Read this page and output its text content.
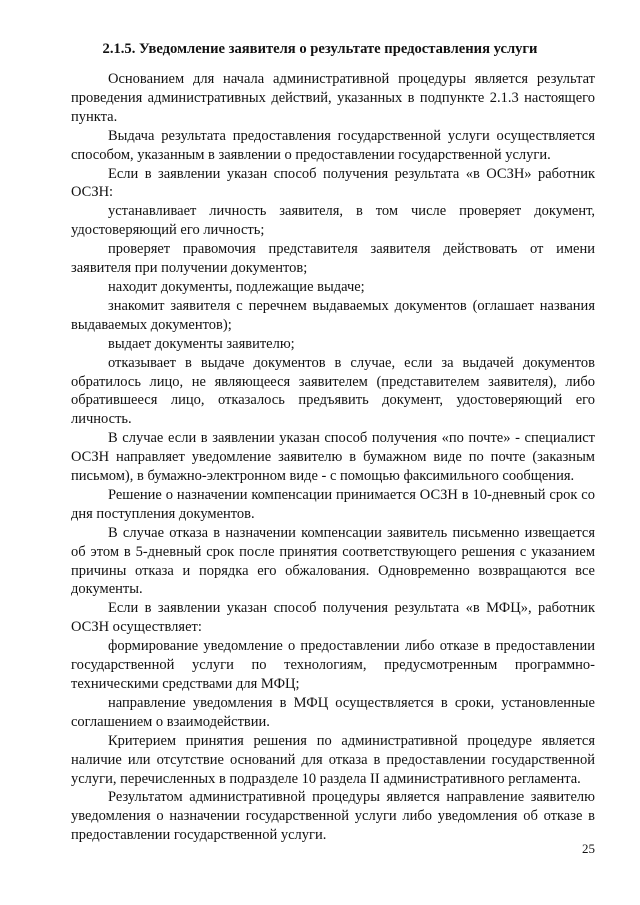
2.1.5. Уведомление заявителя о результате предоставления услуги

Основанием для начала административной процедуры является результат проведения административных действий, указанных в подпункте 2.1.3 настоящего пункта.

Выдача результата предоставления государственной услуги осуществляется способом, указанным в заявлении о предоставлении государственной услуги.

Если в заявлении указан способ получения результата «в ОСЗН» работник ОСЗН:

устанавливает личность заявителя, в том числе проверяет документ, удостоверяющий его личность;

проверяет правомочия представителя заявителя действовать от имени заявителя при получении документов;

находит документы, подлежащие выдаче;

знакомит заявителя с перечнем выдаваемых документов (оглашает названия выдаваемых документов);

выдает документы заявителю;

отказывает в выдаче документов в случае, если за выдачей документов обратилось лицо, не являющееся заявителем (представителем заявителя), либо обратившееся лицо, отказалось предъявить документ, удостоверяющий его личность.

В случае если в заявлении указан способ получения «по почте» - специалист ОСЗН направляет уведомление заявителю в бумажном виде по почте (заказным письмом), в бумажно-электронном виде - с помощью факсимильного сообщения.

Решение о назначении компенсации принимается ОСЗН в 10-дневный срок со дня поступления документов.

В случае отказа в назначении компенсации заявитель письменно извещается об этом в 5-дневный срок после принятия соответствующего решения с указанием причины отказа и порядка его обжалования. Одновременно возвращаются все документы.

Если в заявлении указан способ получения результата «в МФЦ», работник ОСЗН осуществляет:

формирование уведомление о предоставлении либо отказе в предоставлении государственной услуги по технологиям, предусмотренным программно-техническими средствами для МФЦ;

направление уведомления в МФЦ осуществляется в сроки, установленные соглашением о взаимодействии.

Критерием принятия решения по административной процедуре является наличие или отсутствие оснований для отказа в предоставлении государственной услуги, перечисленных в подразделе 10 раздела II административного регламента.

Результатом административной процедуры является направление заявителю уведомления о назначении государственной услуги либо уведомления об отказе в предоставлении государственной услуги.

25
